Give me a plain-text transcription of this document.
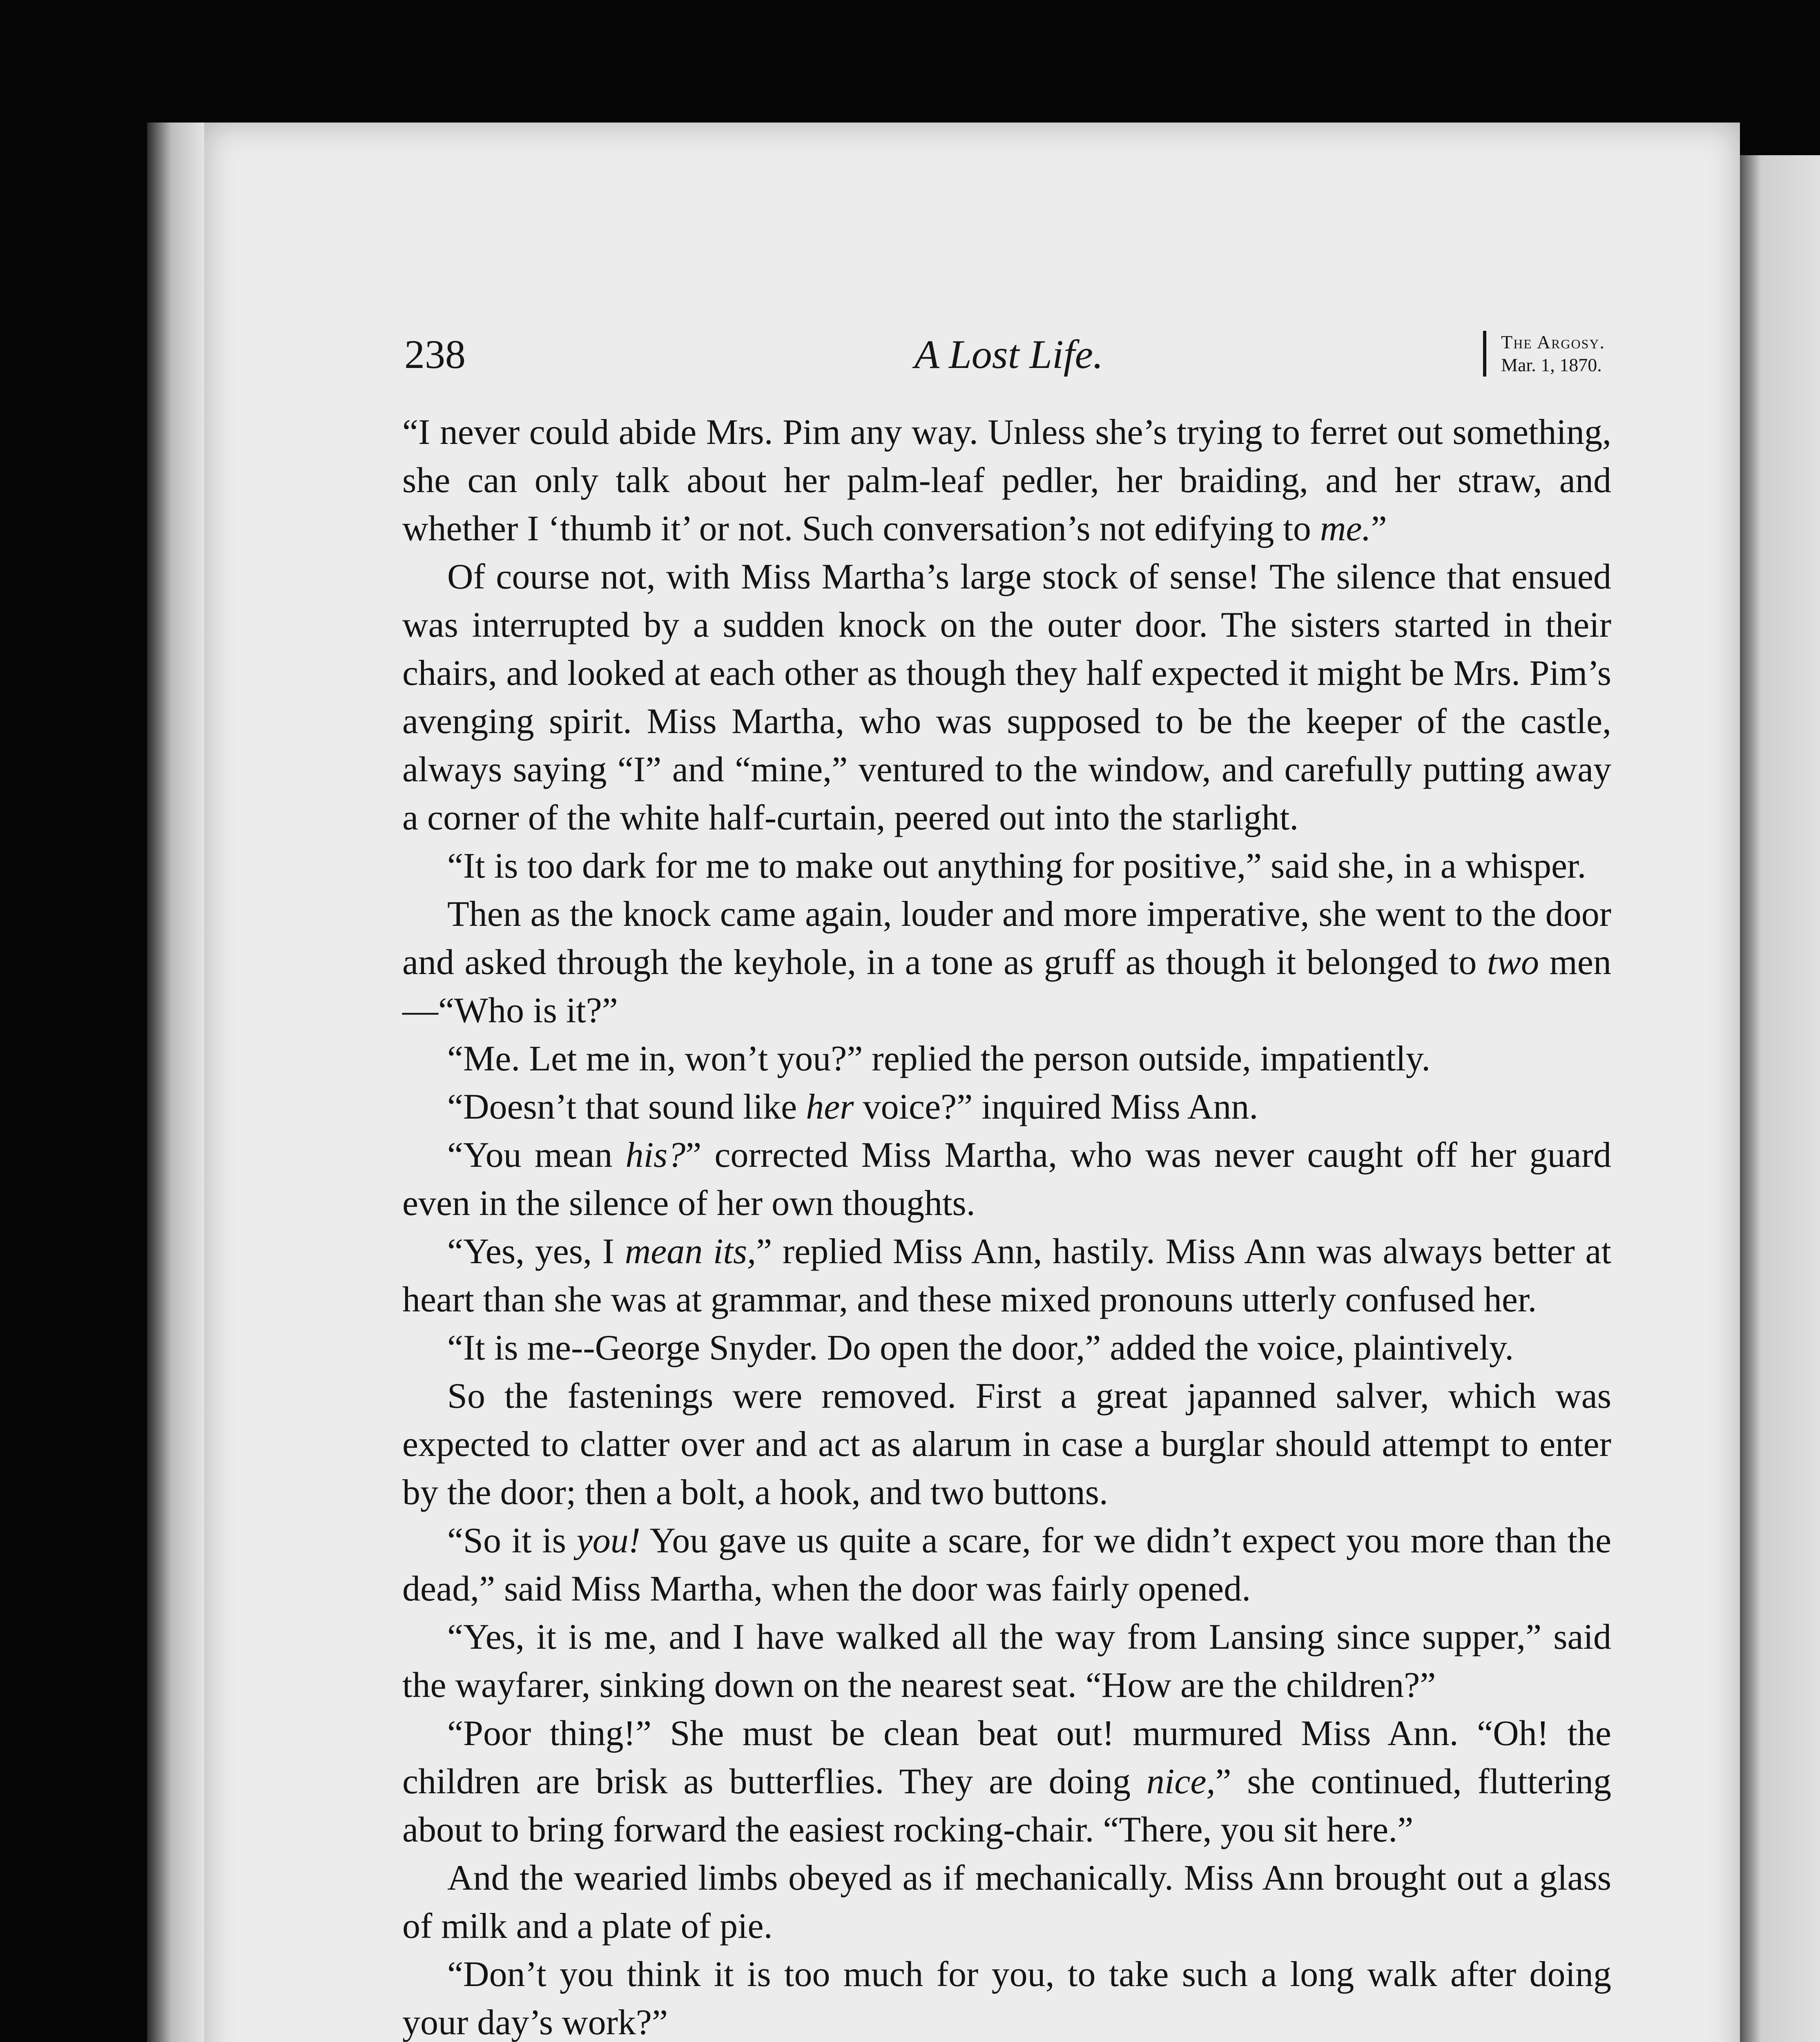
238	A Lost Life.	The Argosy.
Mar. 1, 1870.

“I never could abide Mrs. Pim any way. Unless she’s trying to ferret out something, she can only talk about her palm-leaf pedler, her braiding, and her straw, and whether I ‘thumb it’ or not. Such conversation’s not edifying to me.”

Of course not, with Miss Martha’s large stock of sense! The silence that ensued was interrupted by a sudden knock on the outer door. The sisters started in their chairs, and looked at each other as though they half expected it might be Mrs. Pim’s avenging spirit. Miss Martha, who was supposed to be the keeper of the castle, always saying “I” and “mine,” ventured to the window, and carefully putting away a corner of the white half-curtain, peered out into the starlight.

“It is too dark for me to make out anything for positive,” said she, in a whisper.

Then as the knock came again, louder and more imperative, she went to the door and asked through the keyhole, in a tone as gruff as though it belonged to two men—“Who is it?”

“Me. Let me in, won’t you?” replied the person outside, impatiently.

“Doesn’t that sound like her voice?” inquired Miss Ann.

“You mean his?” corrected Miss Martha, who was never caught off her guard even in the silence of her own thoughts.

“Yes, yes, I mean its,” replied Miss Ann, hastily. Miss Ann was always better at heart than she was at grammar, and these mixed pronouns utterly confused her.

“It is me--George Snyder. Do open the door,” added the voice, plaintively.

So the fastenings were removed. First a great japanned salver, which was expected to clatter over and act as alarum in case a burglar should attempt to enter by the door; then a bolt, a hook, and two buttons.

“So it is you! You gave us quite a scare, for we didn’t expect you more than the dead,” said Miss Martha, when the door was fairly opened.

“Yes, it is me, and I have walked all the way from Lansing since supper,” said the wayfarer, sinking down on the nearest seat. “How are the children?”

“Poor thing!” She must be clean beat out! murmured Miss Ann. “Oh! the children are brisk as butterflies. They are doing nice,” she continued, fluttering about to bring forward the easiest rocking-chair. “There, you sit here.”

And the wearied limbs obeyed as if mechanically. Miss Ann brought out a glass of milk and a plate of pie.

“Don’t you think it is too much for you, to take such a long walk after doing your day’s work?”
